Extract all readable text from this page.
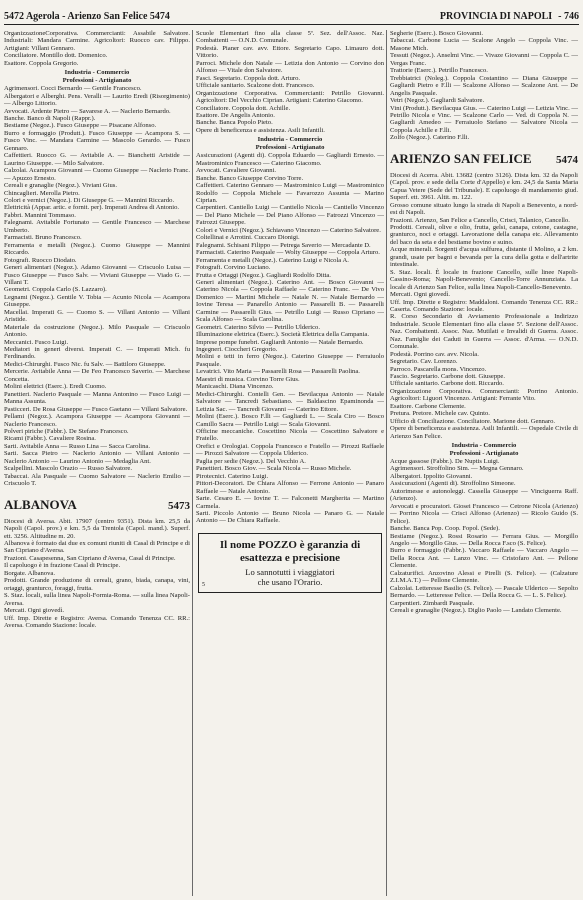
5472 Agerola - Arienzo San Felice 5474	PROVINCIA DI NAPOLI - 746

OrganizzazioneCorporativa. Commercianti: Assabile Salvatore. Industriali: Mandara Carmine. Agricoltori: Ruocco cav. Filippo. Artigiani: Villani Gennaro.

Conciliatore. Montillo dott. Domenico.

Esattore. Coppola Gregorio.

Industria - Commercio
Professioni - Artigianato

Agrimensori. Cocci Bernardo — Gentile Francesco.

Albergatori e Alberghi. Pens. Veralli — Laurito Eredi (Risorgimento) — Albergo Littorio.

Avvocati. Ardente Pietro — Savarese A. — Naclerio Bernardo.

Banche. Banco di Napoli (Rappr.).

Bestiame (Negoz.). Fusco Giuseppe — Pisacane Alfonso.

Burro e formaggio (Produtt.). Fusco Giuseppe — Acampora S. — Fusco Vinc. — Mandara Carmine — Mascolo Gerardo. — Fusco Gennaro.

Caffettieri. Ruocco G. — Avitabile A. — Bianchetti Aristide — Laurino Giuseppe. — Milo Salvatore.

Calzolai. Acampora Giovanni — Cuomo Giuseppe — Naclerio Franc. — Apuzzo Ernesto.

Cereali e granaglie (Negoz.). Viviani Gius.

Chincaglieri. Merolla Pietro.

Colori e vernici (Negoz.). Di Giuseppe G. — Mannini Riccardo.

Elettricità (Appar. artic. e fornit. per). Imperati Andrea di Antonio.

Fabbri. Mannini Tommaso.

Falegnami. Avitabile Fortunato — Gentile Francesco — Marchese Umberto.

Farmacisti. Bruno Francesco.

Ferramenta e metalli (Negoz.). Cuomo Giuseppe — Mannini Riccardo.

Fotografi. Ruocco Diodato.

Generi alimentari (Negoz.). Adamo Giovanni — Criscuolo Luisa — Fusco Giuseppe — Fusco Salv. — Viviani Giuseppe — Viado G. — Villani T.

Geometri. Coppola Carlo (S. Lazzaro).

Legnami (Negoz.). Gentile V. Tobia — Acunto Nicola — Acampora Giuseppe.

Macellai. Imperati G. — Cuomo S. — Villani Antonio — Villani Aristide.

Materiale da costruzione (Negoz.). Milo Pasquale — Criscuolo Antonio.

Meccanici. Fusco Luigi.

Mediatori in generi diversi. Imperati C. — Imperati Mich. fu Ferdinando.

Medici-Chirurghi. Fusco Nic. fu Salv. — Battiloro Giuseppe.

Mercerie. Avitabile Anna — De Feo Francesco Saverio. — Marchese Concetta.

Molini elettrici (Eserc.). Eredi Cuomo.

Panettieri. Naclerio Pasquale — Manna Antonino — Fusco Luigi — Manna Assunta.

Pasticceri. De Rosa Giuseppe — Fusco Gaetano — Villani Salvatore.

Pellami (Negoz.). Acampora Giuseppe — Acampora Giovanni — Naclerio Francesco.

Polveri piriche (Fabbr.). De Stefano Francesco.

Ricami (Fabbr.). Cavaliere Rosina.

Sarti. Avitabile Anna — Russo Lina — Sacca Carolina.

Sarti. Sacca Pietro — Naclerio Antonio — Villani Antonio — Naclerio Antonio — Laurino Antonio — Medaglia Ant.

Scalpellini. Mascolo Orazio — Russo Salvatore.

Tabaccai. Ala Pasquale — Cuomo Salvatore — Naclerio Emilio — Criscuolo T.

ALBANOVA	5473

Diocesi di Aversa. Abit. 17907 (centro 9351). Dista km. 25,5 da Napoli (Capol. prov.) e km. 5,5 da Trentola (Capol. mand.). Superf. ett. 3256. Altitudine m. 20.

Albanova è formato dai due ex comuni riuniti di Casal di Principe e di San Cipriano d'Aversa.

Frazioni. Casapesenna, San Cipriano d'Aversa, Casal di Principe.

Il capoluogo è in frazione Casal di Principe.

Borgate. Albanova.

Prodotti. Grande produzione di cereali, grano, biada, canapa, vini, ortaggi, granturco, foraggi, frutta.

S. Staz. locali, sulla linea Napoli-Formia-Roma. — sulla linea Napoli-Aversa.

Mercati. Ogni giovedì.

Uff. Imp. Dirette e Registro: Aversa. Comando Tenenza CC. RR.: Aversa. Comando Stazione: locale.

Scuole Elementari fino alla classe 5ª. Sez. dell'Assoc. Naz. Combattenti — O.N.D. Comunale.

Podestà. Pianer cav. avv. Ettore. Segretario Capo. Limauro dott. Vittorio.

Parroci. Michele don Natale — Letizia don Antonio — Corvino don Alfonso — Vitale don Salvatore.

Fasci. Segretario. Coppola dott. Arturo.

Ufficiale sanitario. Scalzone dott. Francesco.

Organizzazione Corporativa. Commercianti: Petrillo Giovanni. Agricoltori: Del Vecchio Ciprian. Artigiani: Caterino Giacomo.

Conciliatore. Coppola dott. Achille.

Esattore. De Angelis Antonio.

Banche. Banca Popolo Pieto.

Opere di beneficenza e assistenza. Asili Infantili.

Industria - Commercio
Professioni - Artigianato

Assicurazioni (Agenti di). Coppola Eduardo — Gagliardi Ernesto. — Mastrominico Francesco — Caterino Giacomo.

Avvocati. Cavaliere Giovanni.

Banche. Banco Giuseppe Corvino Torre.

Caffettieri. Caterino Gennaro — Mastrominico Luigi — Mastrominico Rodolfo — Coppola Michele — Favarozzo Assunta — Marino Ciprian.

Carpentieri. Cantiello Luigi — Cantiello Nicola — Cantiello Vincenzo — Del Piano Michele — Del Piano Alfonso — Fatrozzi Vincenzo — Fatrozzi Giuseppe.

Colori e Vernici (Negoz.). Schiavano Vincenzo — Caterino Salvatore.

Coltellinai e Arrotini. Cuccaro Dionigi.

Falegnami. Schisani Filippo — Petrega Saverio — Mercadante D.

Farmacisti. Caterino Pasquale — Wolty Giuseppe — Coppola Arturo.

Ferramenta e metalli (Negoz.). Caterino Luigi e Nicola A.

Fotografi. Corvino Luciano.

Frutta e Ortaggi (Negoz.). Gagliardi Rodolfo Ditta.

Generi alimentari (Negoz.). Caterino Ant. — Bosco Giovanni — Caterino Nicola — Coppola Raffaele — Caterino Franc. — De Vivo Domenico — Martini Michele — Natale N. — Natale Bernardo — Iovine Teresa — Panarello Antonio — Passarelli B. — Passarelli Carmine — Passarelli Gius. — Petrillo Luigi — Russo Cipriano — Scala Alfonso — Scala Carolina.

Geometri. Caterino Silvio — Petrillo Ulderico.

Illuminazione elettrica (Eserc.). Società Elettrica della Campania.

Imprese pompe funebri. Gagliardi Antonio — Natale Bernardo.

Ingegneri. Cioccheri Gregorio.

Molini e tetti in ferro (Negoz.). Caterino Giuseppe — Ferraiuolo Pasquale.

Levatrici. Vito Maria — Passarelli Rosa — Passarelli Paolina.

Maestri di musica. Corvino Torre Gius.

Manicaschi. Diana Vincenzo.

Medici-Chirurghi. Contelli Gen. — Bevilacqua Antonio — Natale Salvatore — Tancredi Sebastiano. — Baldascino Epaminonda — Letizia Sac. — Tancredi Giovanni — Caterino Ettore.

Molini (Eserc.). Bosco F.lli — Gagliardi L. — Scala Ciro — Bosco Camillo Sacra — Petrillo Luigi — Scala Giovanni.

Officine meccaniche. Coscettino Nicola — Coscettino Salvatore e Fratello.

Orefici e Orologiai. Coppola Francesco e Fratello — Pirozzi Raffaele — Pirozzi Salvatore — Coppola Ulderico.

Paglia per sedie (Negoz.). Del Vecchio A.

Panettieri. Bosco Giov. — Scala Nicola — Russo Michele.

Pirotecnici. Caterino Luigi.

Pittori-Decoratori. De Chiara Alfonso — Ferrone Antonio — Panaro Raffaele — Natale Antonio.

Sarte. Cesaro E. — Iovine T. — Falconetti Margherita — Martino Carmela.

Sarti. Piccolo Antonio — Bruno Nicola — Panaro G. — Natale Antonio — De Chiara Raffaele.

Il nome POZZO è garanzia di
esattezza e precisione
Lo sannotutti i viaggiatori
che usano l'Orario.
5

Segherie (Eserc.). Bosco Giovanni.

Tabaccai. Carbone Lucia — Scalone Angelo — Coppola Vinc. — Masone Mich.

Tessuti (Negoz.). Anselmi Vinc. — Vivaze Giovanni — Coppola C. — Vergas Franc.

Trattorie (Eserc.). Petrillo Francesco.

Trebbiatrici (Noleg.). Coppola Costantino — Diana Giuseppe — Gagliardi Pietro e F.lli — Scalzone Alfonso — Scalzone Ant. — De Angelis Pasquale.

Vetri (Negoz.). Gagliardi Salvatore.

Vini (Produtt.). Bevilacqua Gius. — Caterino Luigi — Letizia Vinc. — Petrillo Nicola e Vinc. — Scalzone Carlo — Ved. di Coppola N. — Gagliardi Amedeo — Ferraiuolo Stefano — Salvatore Nicola — Coppola Achille e F.lli.

Zolfo (Negoz.). Caterino F.lli.

ARIENZO SAN FELICE 5474

Diocesi di Acerra. Abit. 13682 (centro 3126). Dista km. 32 da Napoli (Capol. prov. e sede della Corte d'Appello) e km. 24,5 da Santa Maria Capua Vetere (Sede del Tribunale). E capoluogo di mandamento giud. Superf. ett. 3961. Altit. m. 122.

Grosso comune situato lungo la strada di Napoli a Benevento, a nord-est di Napoli.

Frazioni. Arienzo, San Felice a Cancello, Crisci, Talanico, Cancello.

Prodotti. Cereali, olive e olio, frutta, gelsi, canapa, cotone, castagne, granturco, noci e ortaggi. Lavorazione della canapa etc. Allevamento del baco da seta e del bestiame bovino e suino.

Acque minerali. Sorgenti d'acqua sulfurea, distante il Molino, a 2 km. grandi, usate per bagni e bevanda per la cura della gotta e dell'artrite intestinale.

S. Staz. locali. È locale in frazione Cancello, sulle linee Napoli-Cassino-Roma; Napoli-Benevento; Cancello-Torre Annunziata. La locale di Arienzo San Felice, sulla linea Napoli-Cancello-Benevento.

Mercati. Ogni giovedì.

Uff. Imp. Dirette e Registro: Maddaloni. Comando Tenenza CC. RR.: Caserta. Comando Stazione: locale.

R. Corso Secondario di Avviamento Professionale a Indirizzo Industriale. Scuole Elementari fino alla classe 5ª. Sezione dell'Assoc. Naz. Combattenti. Assoc. Naz. Mutilati e Invalidi di Guerra. Assoc. Naz. Famiglie dei Caduti in Guerra — Assoc. d'Arma. — O.N.D. Comunale.

Podestà. Porrino cav. avv. Nicola.

Segretario. Cav. Lorenzo.

Parroco. Pascarella mons. Vincenzo.

Fascio. Segretario. Carbone dott. Giuseppe.

Ufficiale sanitario. Carbone dott. Riccardo.

Organizzazione Corporativa. Commercianti: Porrino Antonio. Agricoltori: Liguori Vincenzo. Artigiani: Ferrante Vito.

Esattore. Carbone Clemente.

Pretura. Pretore. Michele cav. Quinto.

Ufficio di Conciliazione. Conciliatore. Marione dott. Gennaro.

Opere di beneficenza e assistenza. Asili Infantili. — Ospedale Civile di Arienzo San Felice.

Industria - Commercio
Professioni - Artigianato

Acque gassose (Fabbr.). De Nuptis Luigi.

Agrimensori. Stroffolino Sim. — Megna Gennaro.

Albergatori. Ippolito Giovanni.

Assicurazioni (Agenti di). Stroffolino Simeone.

Autorimesse e autonoleggi. Cassella Giuseppe — Vinciguerra Raff. (Arienzo).

Avvocati e procuratori. Giosei Francesco — Cetrone Nicola (Arienzo) — Porrino Nicola — Crisci Alfonso (Arienzo) — Ricolo Guido (S. Felice).

Banche. Banca Pop. Coop. Fopol. (Sede).

Bestiame (Negoz.). Rossi Rosario — Ferrara Gius. — Morgillo Angelo — Morgillo Gius. — Della Rocca F.sco (S. Felice).

Burro e formaggio (Fabbr.). Vaccaro Raffaele — Vaccaro Angelo — Della Rocca Ant. — Lanzo Vinc. — Cristofaro Ant. — Pellone Clemente.

Calzaturifici. Anzovino Alessi e Pirelli (S. Felice). — (Calzature Z.I.M.A.T.) — Pellone Clemente.

Calzolai. Letteresse Basilio (S. Felice). — Pascale Ulderico — Sepolto Bernardo. — Letteresse Felice. — Della Rocca G. — L. S. Felice).

Carpentieri. Zimbardi Pasquale.

Cereali e granaglie (Negoz.). Diglio Paolo — Landato Clemente.
